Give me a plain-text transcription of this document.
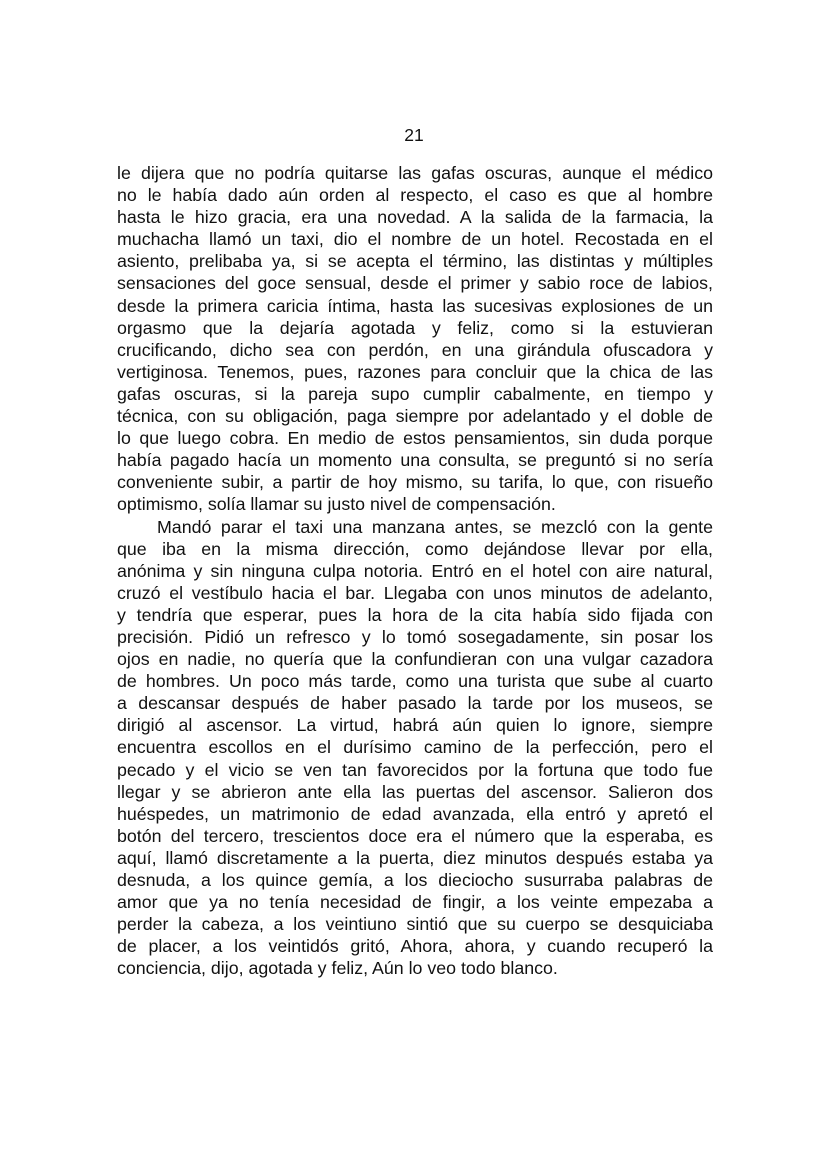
21
le dijera que no podría quitarse las gafas oscuras, aunque el médico
no le había dado aún orden al respecto, el caso es que al hombre
hasta le hizo gracia, era una novedad. A la salida de la farmacia, la
muchacha llamó un taxi, dio el nombre de un hotel. Recostada en el
asiento, prelibaba ya, si se acepta el término, las distintas y múltiples
sensaciones del goce sensual, desde el primer y sabio roce de labios,
desde la primera caricia íntima, hasta las sucesivas explosiones de un
orgasmo que la dejaría agotada y feliz, como si la estuvieran
crucificando, dicho sea con perdón, en una girándula ofuscadora y
vertiginosa. Tenemos, pues, razones para concluir que la chica de las
gafas oscuras, si la pareja supo cumplir cabalmente, en tiempo y
técnica, con su obligación, paga siempre por adelantado y el doble de
lo que luego cobra. En medio de estos pensamientos, sin duda porque
había pagado hacía un momento una consulta, se preguntó si no sería
conveniente subir, a partir de hoy mismo, su tarifa, lo que, con risueño
optimismo, solía llamar su justo nivel de compensación.
Mandó parar el taxi una manzana antes, se mezcló con la gente
que iba en la misma dirección, como dejándose llevar por ella,
anónima y sin ninguna culpa notoria. Entró en el hotel con aire natural,
cruzó el vestíbulo hacia el bar. Llegaba con unos minutos de adelanto,
y tendría que esperar, pues la hora de la cita había sido fijada con
precisión. Pidió un refresco y lo tomó sosegadamente, sin posar los
ojos en nadie, no quería que la confundieran con una vulgar cazadora
de hombres. Un poco más tarde, como una turista que sube al cuarto
a descansar después de haber pasado la tarde por los museos, se
dirigió al ascensor. La virtud, habrá aún quien lo ignore, siempre
encuentra escollos en el durísimo camino de la perfección, pero el
pecado y el vicio se ven tan favorecidos por la fortuna que todo fue
llegar y se abrieron ante ella las puertas del ascensor. Salieron dos
huéspedes, un matrimonio de edad avanzada, ella entró y apretó el
botón del tercero, trescientos doce era el número que la esperaba, es
aquí, llamó discretamente a la puerta, diez minutos después estaba ya
desnuda, a los quince gemía, a los dieciocho susurraba palabras de
amor que ya no tenía necesidad de fingir, a los veinte empezaba a
perder la cabeza, a los veintiuno sintió que su cuerpo se desquiciaba
de placer, a los veintidós gritó, Ahora, ahora, y cuando recuperó la
conciencia, dijo, agotada y feliz, Aún lo veo todo blanco.
